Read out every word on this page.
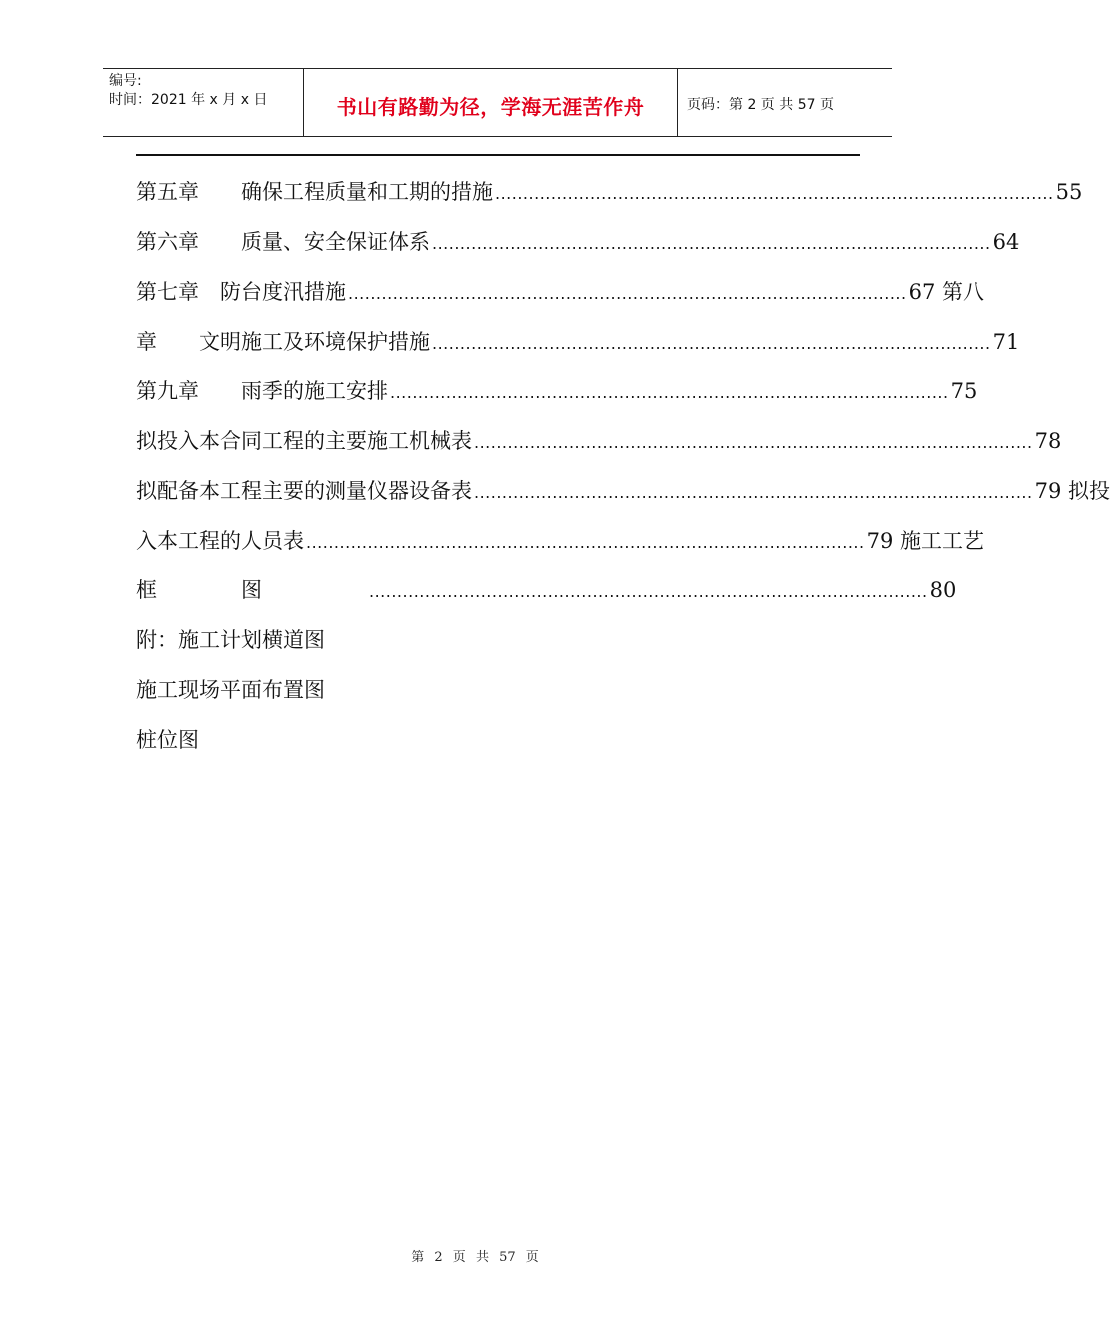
编号:
时间：2021 年 x 月 x 日	书山有路勤为径，学海无涯苦作舟	页码：第 2 页 共 57 页
第五章　　确保工程质量和工期的措施 .................................................................................................... 55
第六章　　质量、安全保证体系 .................................................................................................... 64
第七章　防台度汛措施 .................................................................................................... 67 第八
章　　文明施工及环境保护措施 .................................................................................................... 71
第九章　　雨季的施工安排 .................................................................................................... 75
拟投入本合同工程的主要施工机械表 .................................................................................................... 78
拟配备本工程主要的测量仪器设备表 .................................................................................................... 79 拟投
入本工程的人员表 .................................................................................................... 79 施工工艺
框　　　　图　　　　　 .................................................................................................... 80
附：施工计划横道图
施工现场平面布置图
桩位图
第 2 页 共 57 页
